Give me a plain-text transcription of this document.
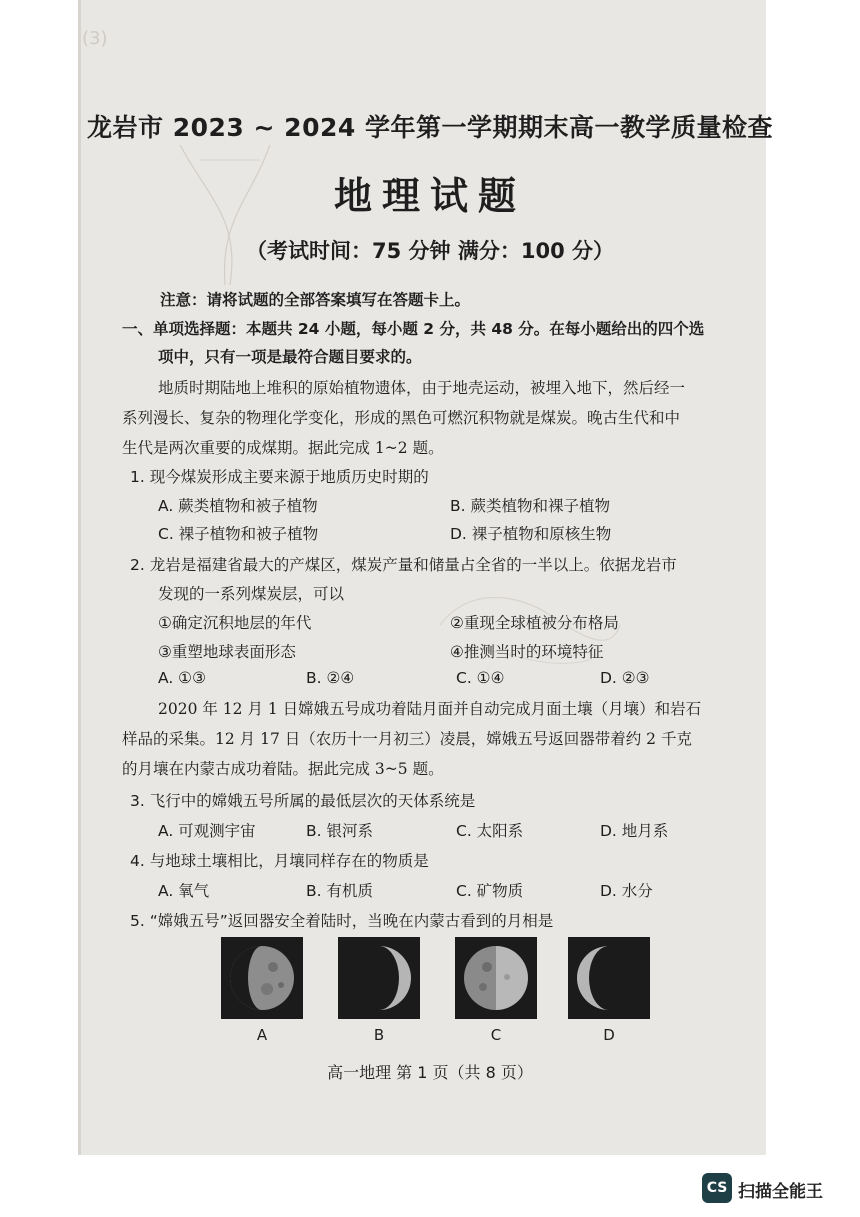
(3)
龙岩市 2023 ~ 2024 学年第一学期期末高一教学质量检查
地理试题
（考试时间：75 分钟 满分：100 分）
注意：请将试题的全部答案填写在答题卡上。
一、单项选择题：本题共 24 小题，每小题 2 分，共 48 分。在每小题给出的四个选
项中，只有一项是最符合题目要求的。
地质时期陆地上堆积的原始植物遗体，由于地壳运动，被埋入地下，然后经一
系列漫长、复杂的物理化学变化，形成的黑色可燃沉积物就是煤炭。晚古生代和中
生代是两次重要的成煤期。据此完成 1~2 题。
1. 现今煤炭形成主要来源于地质历史时期的
A. 蕨类植物和被子植物	B. 蕨类植物和裸子植物
C. 裸子植物和被子植物	D. 裸子植物和原核生物
2. 龙岩是福建省最大的产煤区，煤炭产量和储量占全省的一半以上。依据龙岩市
发现的一系列煤炭层，可以
①确定沉积地层的年代	②重现全球植被分布格局
③重塑地球表面形态	④推测当时的环境特征
A. ①③	B. ②④	C. ①④	D. ②③
2020 年 12 月 1 日嫦娥五号成功着陆月面并自动完成月面土壤（月壤）和岩石
样品的采集。12 月 17 日（农历十一月初三）凌晨，嫦娥五号返回器带着约 2 千克
的月壤在内蒙古成功着陆。据此完成 3~5 题。
3. 飞行中的嫦娥五号所属的最低层次的天体系统是
A. 可观测宇宙	B. 银河系	C. 太阳系	D. 地月系
4. 与地球土壤相比，月壤同样存在的物质是
A. 氧气	B. 有机质	C. 矿物质	D. 水分
5. “嫦娥五号”返回器安全着陆时，当晚在内蒙古看到的月相是
A	B	C	D
高一地理 第 1 页（共 8 页）
CS 扫描全能王
